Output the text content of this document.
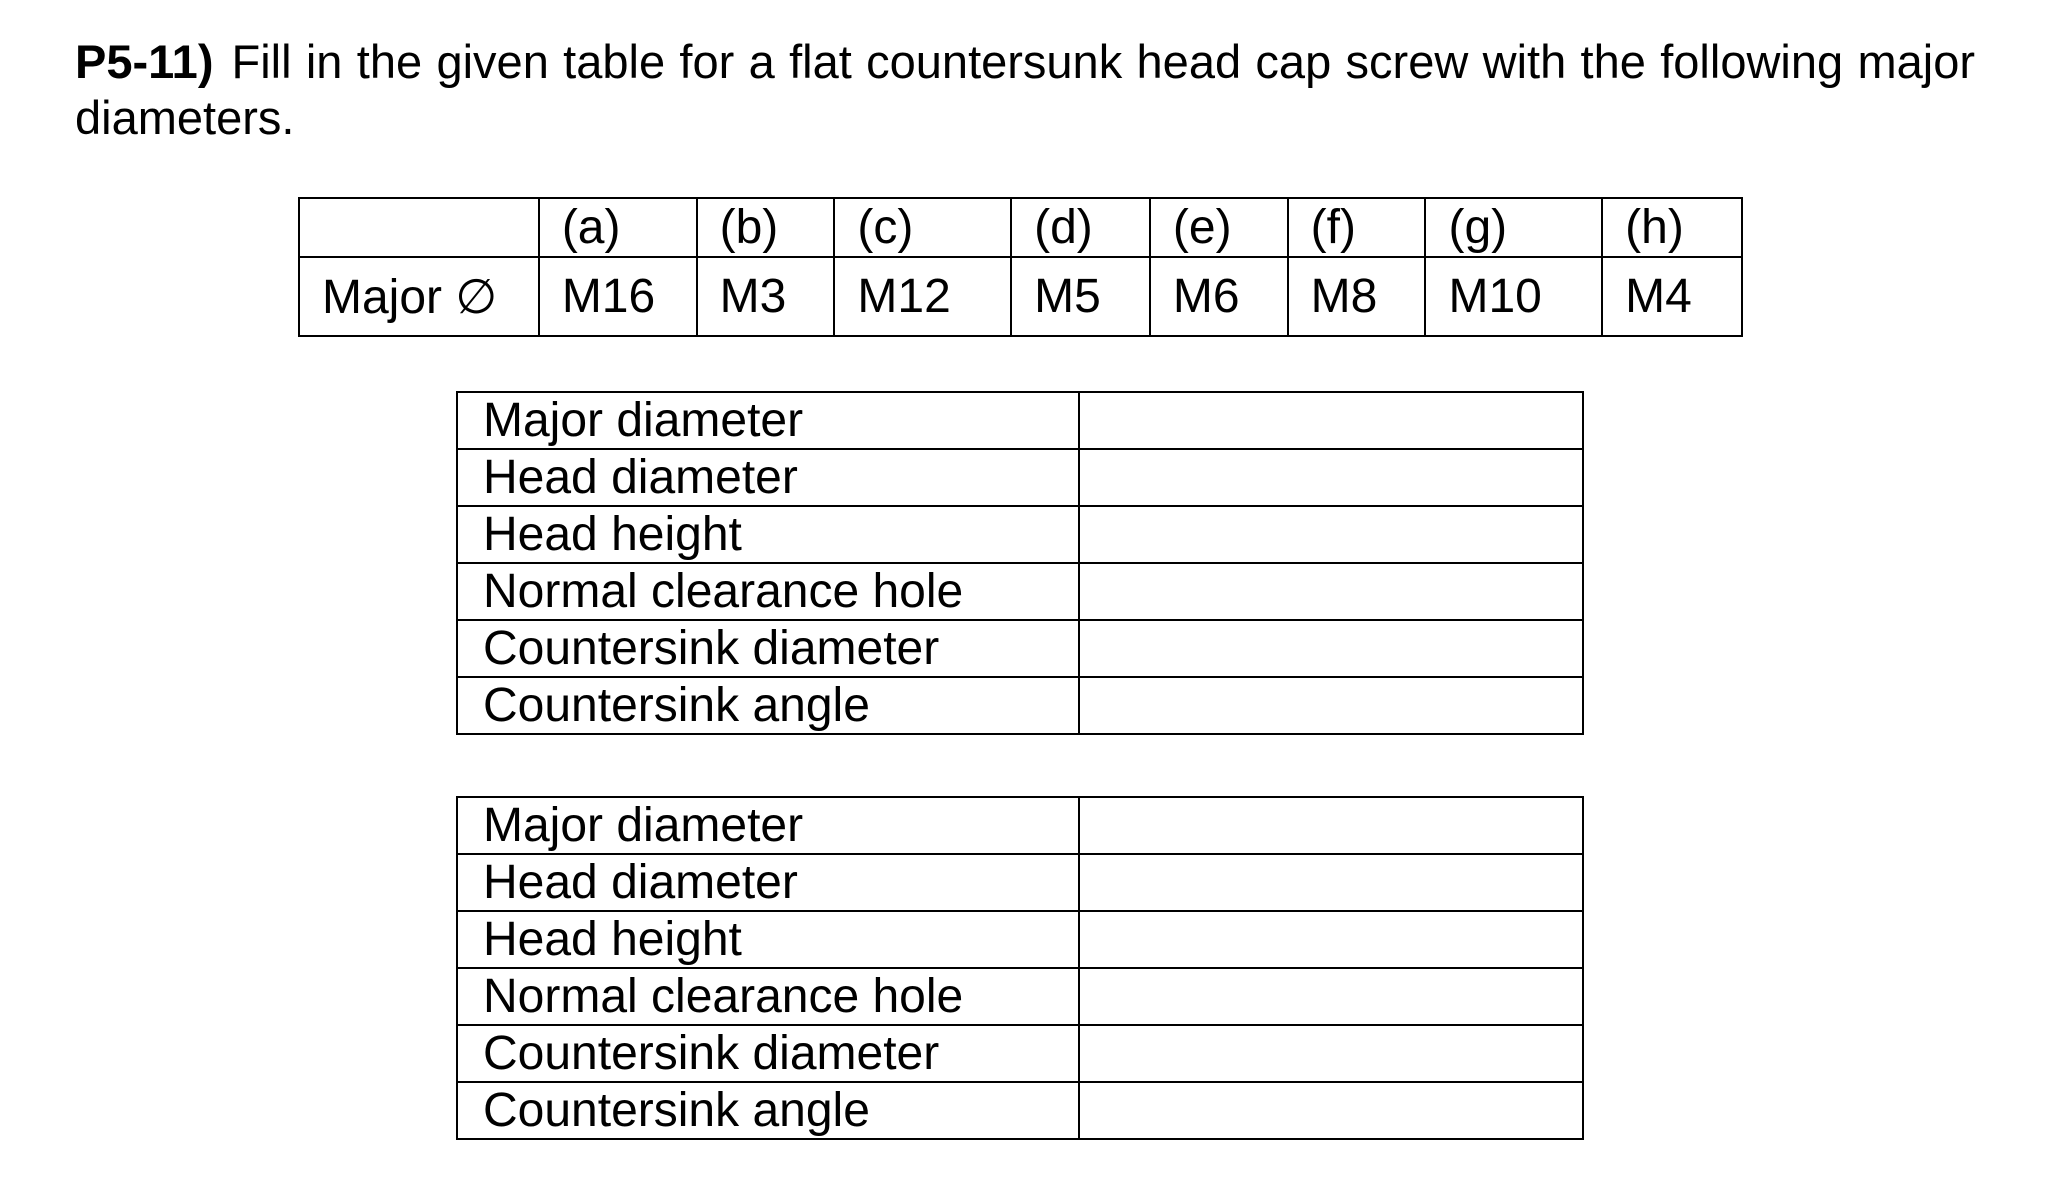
P5-11) Fill in the given table for a flat countersunk head cap screw with the following major diameters.
	(a)	(b)	(c)	(d)	(e)	(f)	(g)	(h)
Major ∅	M16	M3	M12	M5	M6	M8	M10	M4
Major diameter	
Head diameter	
Head height	
Normal clearance hole	
Countersink diameter	
Countersink angle	
Major diameter	
Head diameter	
Head height	
Normal clearance hole	
Countersink diameter	
Countersink angle	
